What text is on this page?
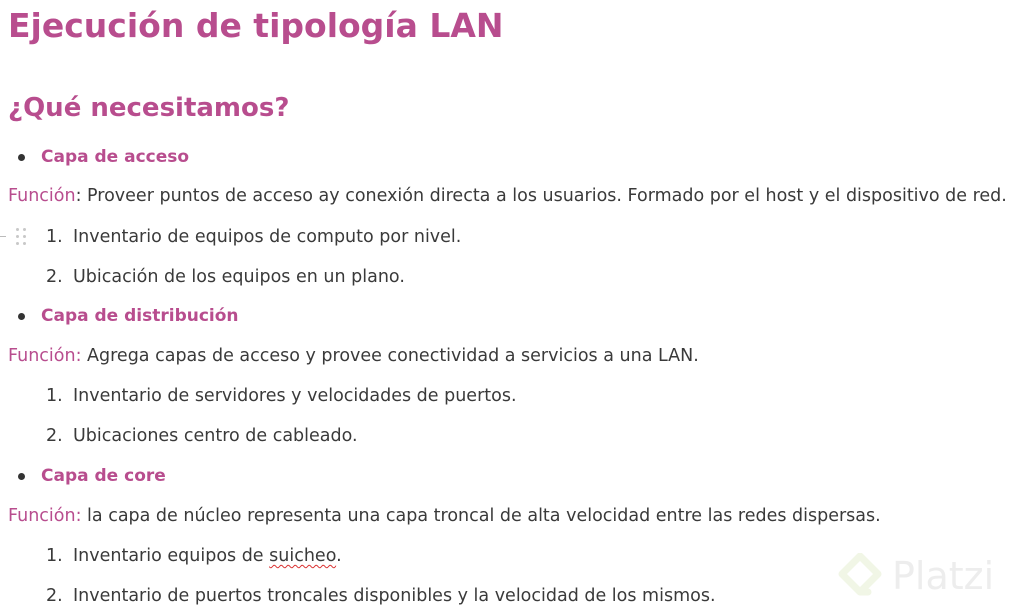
Ejecución de tipología LAN
¿Qué necesitamos?
Capa de acceso
Función: Proveer puntos de acceso ay conexión directa a los usuarios. Formado por el host y el dispositivo de red.
1. Inventario de equipos de computo por nivel.
2. Ubicación de los equipos en un plano.
Capa de distribución
Función: Agrega capas de acceso y provee conectividad a servicios a una LAN.
1. Inventario de servidores y velocidades de puertos.
2. Ubicaciones centro de cableado.
Capa de core
Función: la capa de núcleo representa una capa troncal de alta velocidad entre las redes dispersas.
1. Inventario equipos de suicheo.
2. Inventario de puertos troncales disponibles y la velocidad de los mismos.	Platzi
